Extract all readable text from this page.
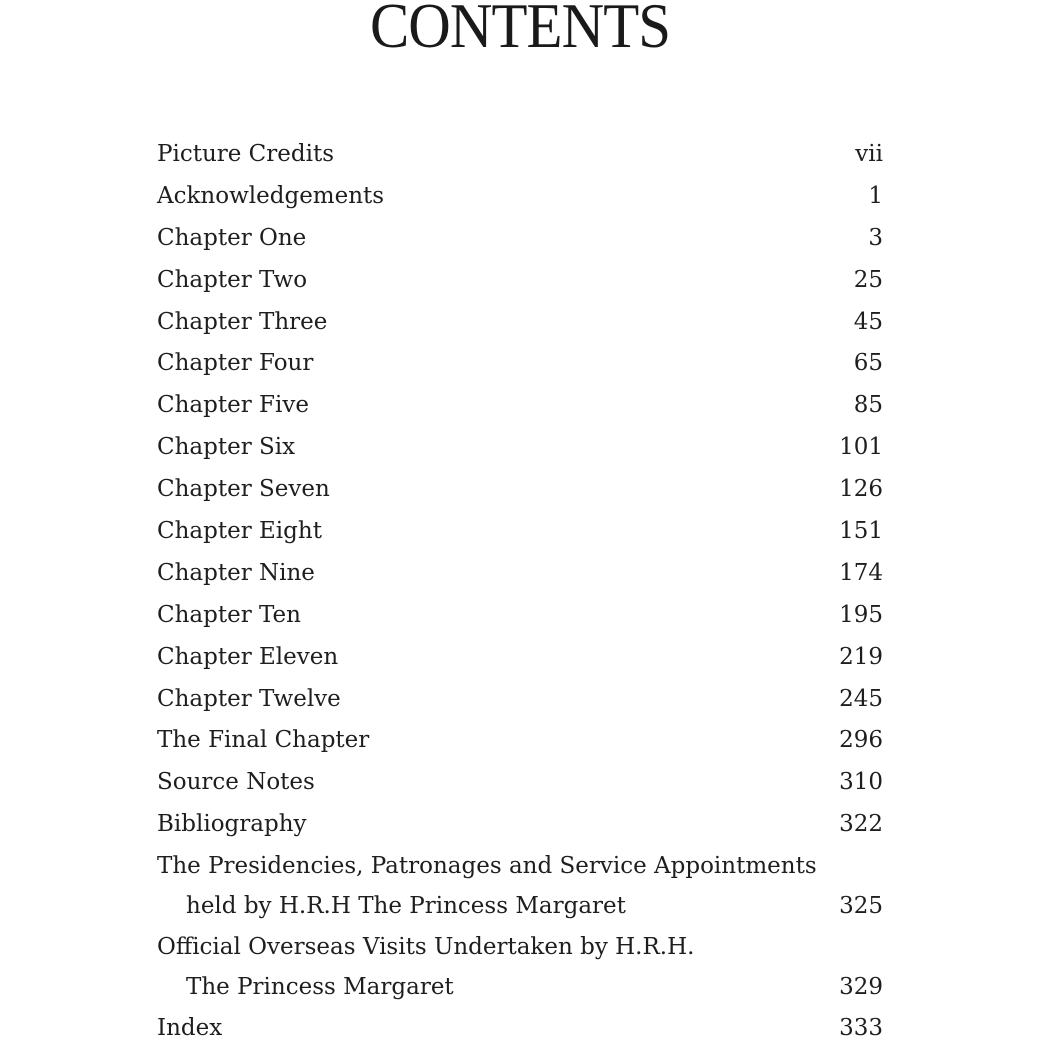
CONTENTS
Picture Credits	vii
Acknowledgements	1
Chapter One	3
Chapter Two	25
Chapter Three	45
Chapter Four	65
Chapter Five	85
Chapter Six	101
Chapter Seven	126
Chapter Eight	151
Chapter Nine	174
Chapter Ten	195
Chapter Eleven	219
Chapter Twelve	245
The Final Chapter	296
Source Notes	310
Bibliography	322
The Presidencies, Patronages and Service Appointments
held by H.R.H The Princess Margaret	325
Official Overseas Visits Undertaken by H.R.H.
The Princess Margaret	329
Index	333
